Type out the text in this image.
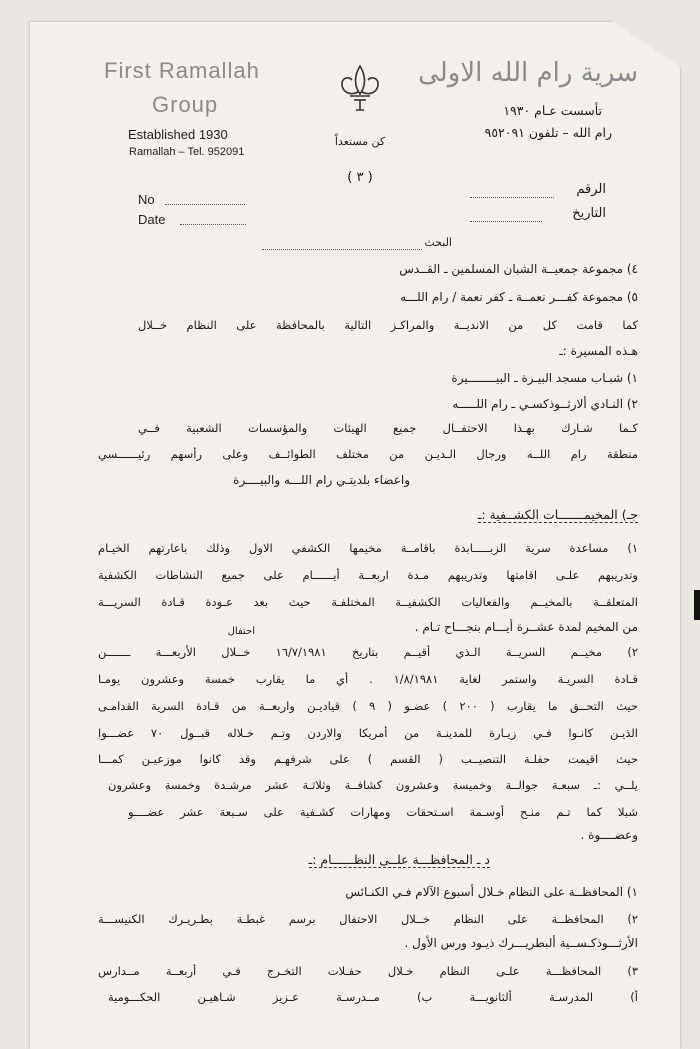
First Ramallah
Group
Established 1930
Ramallah – Tel. 952091
كن مستعداً
( ٣ )
سرية رام الله الاولى
تأسست عـام ١٩٣٠
رام الله – تلفون ٩٥٢٠٩١
No
Date
الرقم
التاريخ
البحث
٤) مجموعة جمعيــة الشبان المسلمين ـ القــدس
٥) مجموعة كفـــر نعمــة ـ كفر نعمة / رام اللـــه
كما قامت كل من الانديــة والمراكـز التالية بالمحافظة على النظام خــلال
هـذه المسيرة :ـ
١) شبـاب مسجد البيـرة ـ البيــــــــيرة
٢) النـادي ألارثــوذكسـي ـ رام اللـــــه
كـما شـارك بهـذا الاحتفــال جميع الهيئات والمؤسسات الشعبية فــي
منطقة رام اللــه ورجال الـديـن من مختلف الطوائــف وعلى رأسهم رئيــــــسي
واعضاء بلديتـي رام اللـــه والبيــــرة
جـ) المخيمـــــــات الكشــفية :ـ
١) مساعدة سرية الزبـــــابدة باقامــة مخيمها الكشفي الاول وذلك باعارتهم الخيـام
وتدريبهم علـى اقامتها وتدريبهم مـدة اربعــة أيــــــام على جميع النشاطات الكشفية
المتعلقــة بالمخيــم والفعاليات الكشفيــة المختلفـة حيث بعد عـودة قـادة السريـــة
من المخيم لمدة عشــرة أيـــام بنجـــاح تـام .
احتفال
٢) مخيــم السريــة الـذي أقيــم بتاريخ ١٦/٧/١٩٨١ خــلال الأربعـــة ـــــــن
قـادة السريـة واستمر لغاية ١/٨/١٩٨١ . أي ما يقارب خمسة وعشرون يومـا
حيث التحــق ما يقارب ( ٢٠٠ ) عضـو ( ٩ ) قياديـن واربعــة من قـادة السرية القدامـى
الذيـن كانـوا فـي زيـارة للمدينـة من أمريكا والاردن وتـم خـلاله قبــول ٧٠ عضـــوا
حيث اقيمت حفلـة التنصيــب ( القسم ) على شرفهـم وقد كانوا موزعيـن كمـــا
يلــي :ـ سبعـة جوالــة وخميسة وعشرون كشافــة وثلاثـة عشر مرشـدة وخمسة وعشرون
شبلا كما تـم منـح أوسـمة اسـتحقات ومهارات كشـفية على سـبعة عشر عضــــو
وعضــــوة .
د ـ المحافظـــة علــى النظــــــام :ـ
١) المحافظــة على النظام خـلال أسبوع الآلام فـي الكنـائس
٢) المحافظــة على النظام خــلال الاحتفال برسم غبطـة بطـريـرك الكنيســـة
الأرثـــوذكـســية ألبطريـــرك ذيـود ورس الأول .
٣) المحافظـــة علـى النظام خـلال حفـلات التخـرج فـي أربعــة مــدارس
أ) المدرسـة ألثانويـــة ب) مــدرسـة عـزيز شـاهيـن الحكـــومية
